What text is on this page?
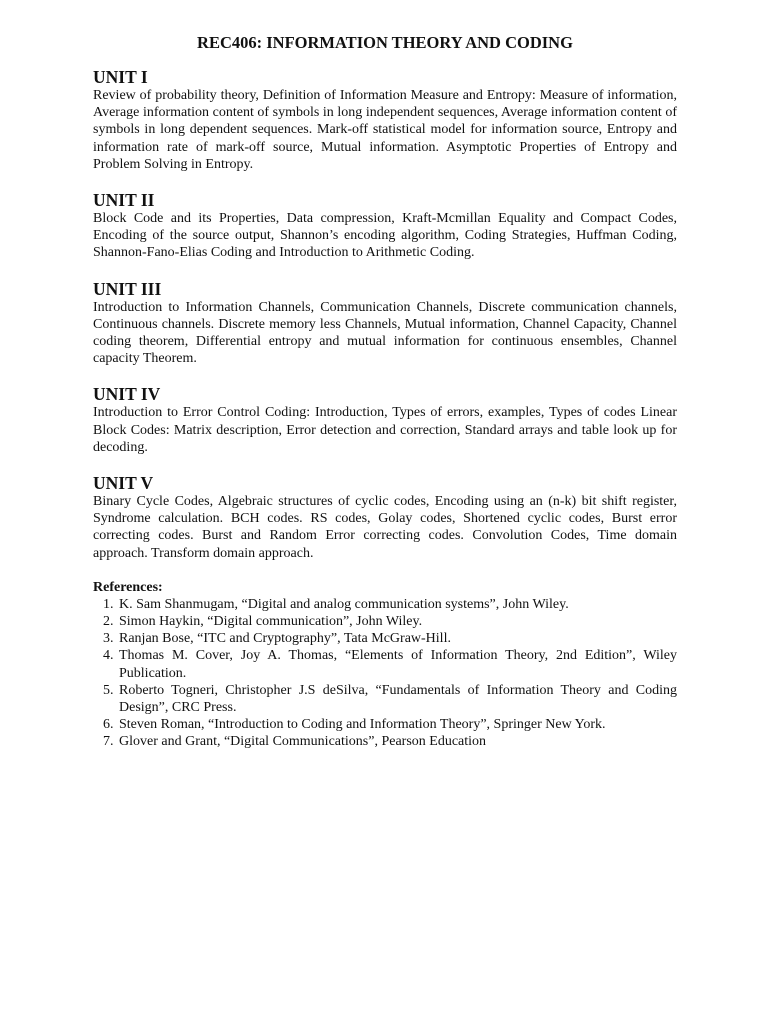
REC406: INFORMATION THEORY AND CODING
UNIT I

Review of probability theory, Definition of Information Measure and Entropy: Measure of information, Average information content of symbols in long independent sequences, Average information content of symbols in long dependent sequences. Mark-off statistical model for information source, Entropy and information rate of mark-off source, Mutual information. Asymptotic Properties of Entropy and Problem Solving in Entropy.

UNIT II

Block Code and its Properties, Data compression, Kraft-Mcmillan Equality and Compact Codes, Encoding of the source output, Shannon’s encoding algorithm, Coding Strategies, Huffman Coding, Shannon-Fano-Elias Coding and Introduction to Arithmetic Coding.

UNIT III

Introduction to Information Channels, Communication Channels, Discrete communication channels, Continuous channels. Discrete memory less Channels, Mutual information, Channel Capacity, Channel coding theorem, Differential entropy and mutual information for continuous ensembles, Channel capacity Theorem.

UNIT IV

Introduction to Error Control Coding: Introduction, Types of errors, examples, Types of codes Linear Block Codes: Matrix description, Error detection and correction, Standard arrays and table look up for decoding.

UNIT V

Binary Cycle Codes, Algebraic structures of cyclic codes, Encoding using an (n-k) bit shift register, Syndrome calculation. BCH codes. RS codes, Golay codes, Shortened cyclic codes, Burst error correcting codes. Burst and Random Error correcting codes. Convolution Codes, Time domain approach. Transform domain approach.

References:
1. K. Sam Shanmugam, “Digital and analog communication systems”, John Wiley.
2. Simon Haykin, “Digital communication”, John Wiley.
3. Ranjan Bose, “ITC and Cryptography”, Tata McGraw-Hill.
4. Thomas M. Cover, Joy A. Thomas, “Elements of Information Theory, 2nd Edition”, Wiley Publication.
5. Roberto Togneri, Christopher J.S deSilva, “Fundamentals of Information Theory and Coding Design”, CRC Press.
6. Steven Roman, “Introduction to Coding and Information Theory”, Springer New York.
7. Glover and Grant, “Digital Communications”, Pearson Education
